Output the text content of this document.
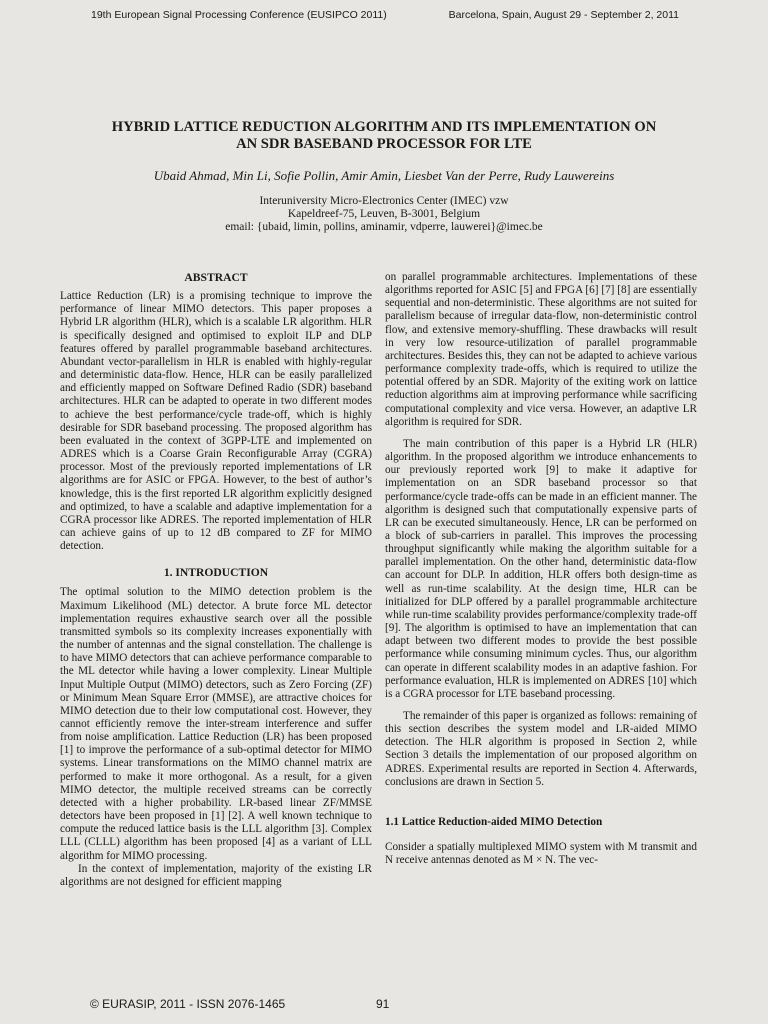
19th European Signal Processing Conference (EUSIPCO 2011)	Barcelona, Spain, August 29 - September 2, 2011
HYBRID LATTICE REDUCTION ALGORITHM AND ITS IMPLEMENTATION ON
AN SDR BASEBAND PROCESSOR FOR LTE

Ubaid Ahmad, Min Li, Sofie Pollin, Amir Amin, Liesbet Van der Perre, Rudy Lauwereins

Interuniversity Micro-Electronics Center (IMEC) vzw
Kapeldreef-75, Leuven, B-3001, Belgium
email: {ubaid, limin, pollins, aminamir, vdperre, lauwerei}@imec.be
ABSTRACT

Lattice Reduction (LR) is a promising technique to improve the performance of linear MIMO detectors. This paper proposes a Hybrid LR algorithm (HLR), which is a scalable LR algorithm. HLR is specifically designed and optimised to exploit ILP and DLP features offered by parallel programmable baseband architectures. Abundant vector-parallelism in HLR is enabled with highly-regular and deterministic data-flow. Hence, HLR can be easily parallelized and efficiently mapped on Software Defined Radio (SDR) baseband architectures. HLR can be adapted to operate in two different modes to achieve the best performance/cycle trade-off, which is highly desirable for SDR baseband processing. The proposed algorithm has been evaluated in the context of 3GPP-LTE and implemented on ADRES which is a Coarse Grain Reconfigurable Array (CGRA) processor. Most of the previously reported implementations of LR algorithms are for ASIC or FPGA. However, to the best of author’s knowledge, this is the first reported LR algorithm explicitly designed and optimized, to have a scalable and adaptive implementation for a CGRA processor like ADRES. The reported implementation of HLR can achieve gains of up to 12 dB compared to ZF for MIMO detection.

1. INTRODUCTION

The optimal solution to the MIMO detection problem is the Maximum Likelihood (ML) detector. A brute force ML detector implementation requires exhaustive search over all the possible transmitted symbols so its complexity increases exponentially with the number of antennas and the signal constellation. The challenge is to have MIMO detectors that can achieve performance comparable to the ML detector while having a lower complexity. Linear Multiple Input Multiple Output (MIMO) detectors, such as Zero Forcing (ZF) or Minimum Mean Square Error (MMSE), are attractive choices for MIMO detection due to their low computational cost. However, they cannot efficiently remove the inter-stream interference and suffer from noise amplification. Lattice Reduction (LR) has been proposed [1] to improve the performance of a sub-optimal detector for MIMO systems. Linear transformations on the MIMO channel matrix are performed to make it more orthogonal. As a result, for a given MIMO detector, the multiple received streams can be correctly detected with a higher probability. LR-based linear ZF/MMSE detectors have been proposed in [1] [2]. A well known technique to compute the reduced lattice basis is the LLL algorithm [3]. Complex LLL (CLLL) algorithm has been proposed [4] as a variant of LLL algorithm for MIMO processing.

In the context of implementation, majority of the existing LR algorithms are not designed for efficient mapping

on parallel programmable architectures. Implementations of these algorithms reported for ASIC [5] and FPGA [6] [7] [8] are essentially sequential and non-deterministic. These algorithms are not suited for parallelism because of irregular data-flow, non-deterministic control flow, and extensive memory-shuffling. These drawbacks will result in very low resource-utilization of parallel programmable architectures. Besides this, they can not be adapted to achieve various performance complexity trade-offs, which is required to utilize the potential offered by an SDR. Majority of the exiting work on lattice reduction algorithms aim at improving performance while sacrificing computational complexity and vice versa. However, an adaptive LR algorithm is required for SDR.

The main contribution of this paper is a Hybrid LR (HLR) algorithm. In the proposed algorithm we introduce enhancements to our previously reported work [9] to make it adaptive for implementation on an SDR baseband processor so that performance/cycle trade-offs can be made in an efficient manner. The algorithm is designed such that computationally expensive parts of LR can be executed simultaneously. Hence, LR can be performed on a block of sub-carriers in parallel. This improves the processing throughput significantly while making the algorithm suitable for a parallel implementation. On the other hand, deterministic data-flow can account for DLP. In addition, HLR offers both design-time as well as run-time scalability. At the design time, HLR can be initialized for DLP offered by a parallel programmable architecture while run-time scalability provides performance/complexity trade-off [9]. The algorithm is optimised to have an implementation that can adapt between two different modes to provide the best possible performance while consuming minimum cycles. Thus, our algorithm can operate in different scalability modes in an adaptive fashion. For performance evaluation, HLR is implemented on ADRES [10] which is a CGRA processor for LTE baseband processing.

The remainder of this paper is organized as follows: remaining of this section describes the system model and LR-aided MIMO detection. The HLR algorithm is proposed in Section 2, while Section 3 details the implementation of our proposed algorithm on ADRES. Experimental results are reported in Section 4. Afterwards, conclusions are drawn in Section 5.

1.1 Lattice Reduction-aided MIMO Detection

Consider a spatially multiplexed MIMO system with M transmit and N receive antennas denoted as M × N. The vec-

© EURASIP, 2011 - ISSN 2076-1465	91
